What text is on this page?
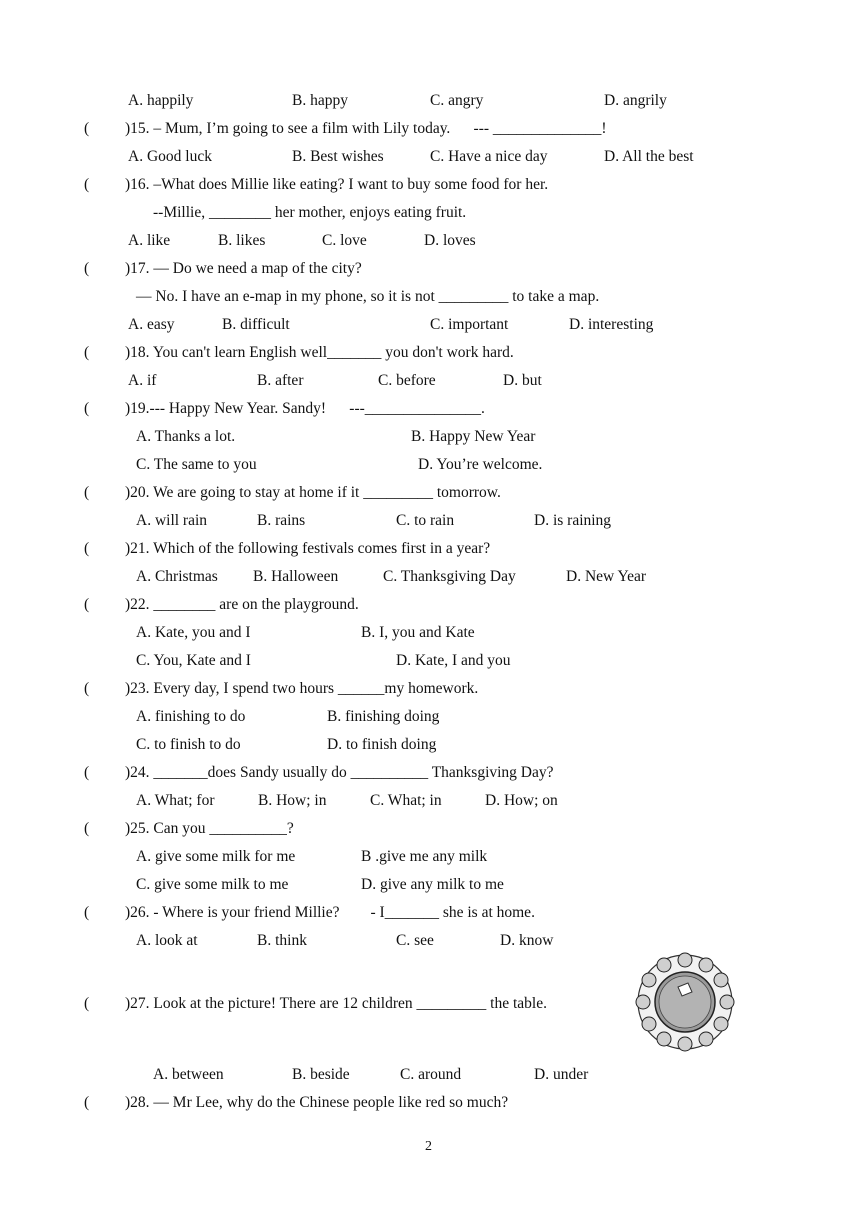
A. happily	B. happy	C. angry	D. angrily
( )15. – Mum, I’m going to see a film with Lily today.      --- ______________!
A. Good luck	B. Best wishes	C. Have a nice day	D. All the best
( )16. –What does Millie like eating? I want to buy some food for her.
--Millie, ________ her mother, enjoys eating fruit.
A. like	B. likes	C. love	D. loves
( )17. — Do we need a map of the city?
— No. I have an e-map in my phone, so it is not _________ to take a map.
A. easy	B. difficult	C. important	D. interesting
( )18. You can't learn English well_______ you don't work hard.
A. if	B. after	C. before	D. but
( )19.--- Happy New Year. Sandy!      ---_______________.
A. Thanks a lot.	B. Happy New Year
C. The same to you	D. You’re welcome.
( )20. We are going to stay at home if it _________ tomorrow.
A. will rain	B. rains	C. to rain	D. is raining
( )21. Which of the following festivals comes first in a year?
A. Christmas B. Halloween	C. Thanksgiving Day	D. New Year
( )22. ________ are on the playground.
A. Kate, you and I	B. I, you and Kate
C. You, Kate and I	D. Kate, I and you
( )23. Every day, I spend two hours ______my homework.
A. finishing to do	B. finishing doing
C. to finish to do	D. to finish doing
( )24. _______does Sandy usually do __________ Thanksgiving Day?
A. What; for	B. How; in	C. What; in	D. How; on
( )25. Can you __________?
A. give some milk for me	B .give me any milk
C. give some milk to me	D. give any milk to me
( )26. - Where is your friend Millie?        - I_______ she is at home.
A. look at	B. think	C. see	D. know
( )27. Look at the picture! There are 12 children _________ the table.
A. between	B. beside	C. around	D. under
( )28. — Mr Lee, why do the Chinese people like red so much?
2
